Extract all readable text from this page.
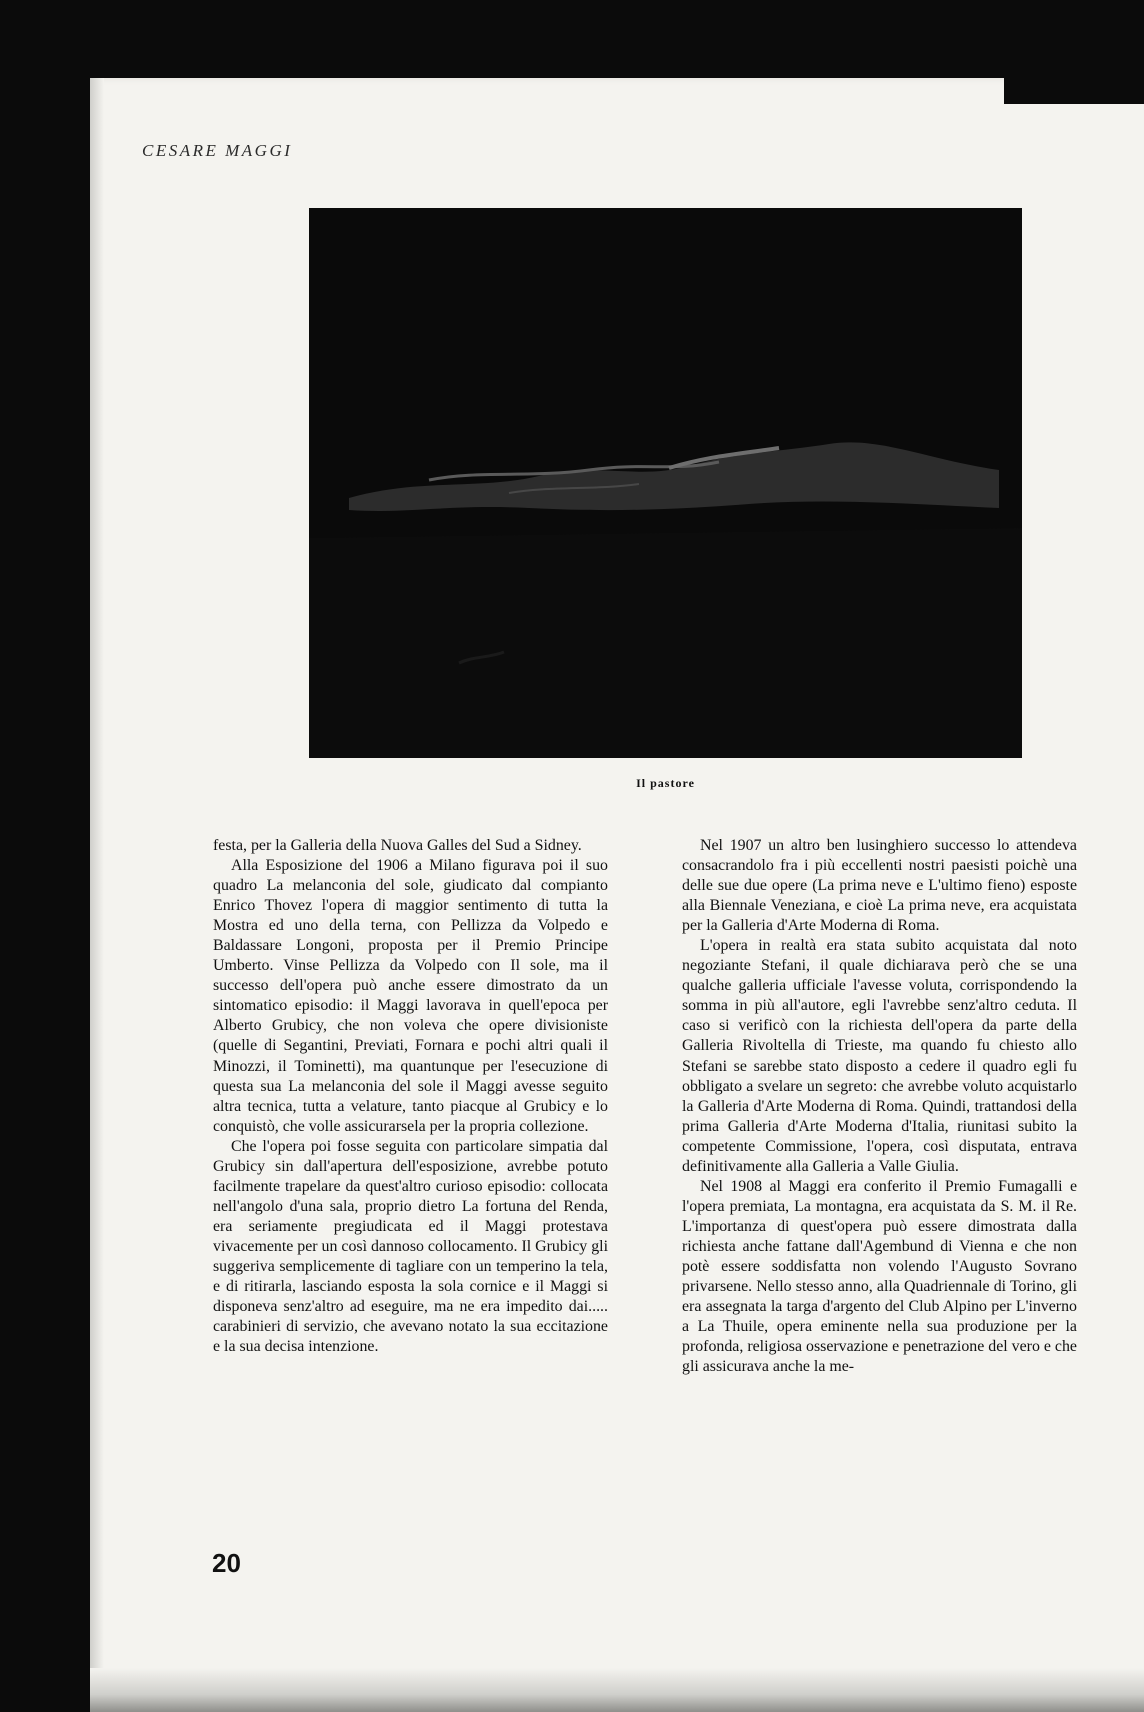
CESARE MAGGI

Il pastore

festa, per la Galleria della Nuova Galles del Sud a Sidney.

Alla Esposizione del 1906 a Milano figurava poi il suo quadro La melanconia del sole, giudicato dal compianto Enrico Thovez l'opera di maggior sentimento di tutta la Mostra ed uno della terna, con Pellizza da Volpedo e Baldassare Longoni, proposta per il Premio Principe Umberto. Vinse Pellizza da Volpedo con Il sole, ma il successo dell'opera può anche essere dimostrato da un sintomatico episodio: il Maggi lavorava in quell'epoca per Alberto Grubicy, che non voleva che opere divisioniste (quelle di Segantini, Previati, Fornara e pochi altri quali il Minozzi, il Tominetti), ma quantunque per l'esecuzione di questa sua La melanconia del sole il Maggi avesse seguito altra tecnica, tutta a velature, tanto piacque al Grubicy e lo conquistò, che volle assicurarsela per la propria collezione.

Che l'opera poi fosse seguita con particolare simpatia dal Grubicy sin dall'apertura dell'esposizione, avrebbe potuto facilmente trapelare da quest'altro curioso episodio: collocata nell'angolo d'una sala, proprio dietro La fortuna del Renda, era seriamente pregiudicata ed il Maggi protestava vivacemente per un così dannoso collocamento. Il Grubicy gli suggeriva semplicemente di tagliare con un temperino la tela, e di ritirarla, lasciando esposta la sola cornice e il Maggi si disponeva senz'altro ad eseguire, ma ne era impedito dai..... carabinieri di servizio, che avevano notato la sua eccitazione e la sua decisa intenzione.

Nel 1907 un altro ben lusinghiero successo lo attendeva consacrandolo fra i più eccellenti nostri paesisti poichè una delle sue due opere (La prima neve e L'ultimo fieno) esposte alla Biennale Veneziana, e cioè La prima neve, era acquistata per la Galleria d'Arte Moderna di Roma.

L'opera in realtà era stata subito acquistata dal noto negoziante Stefani, il quale dichiarava però che se una qualche galleria ufficiale l'avesse voluta, corrispondendo la somma in più all'autore, egli l'avrebbe senz'altro ceduta. Il caso si verificò con la richiesta dell'opera da parte della Galleria Rivoltella di Trieste, ma quando fu chiesto allo Stefani se sarebbe stato disposto a cedere il quadro egli fu obbligato a svelare un segreto: che avrebbe voluto acquistarlo la Galleria d'Arte Moderna di Roma. Quindi, trattandosi della prima Galleria d'Arte Moderna d'Italia, riunitasi subito la competente Commissione, l'opera, così disputata, entrava definitivamente alla Galleria a Valle Giulia.

Nel 1908 al Maggi era conferito il Premio Fumagalli e l'opera premiata, La montagna, era acquistata da S. M. il Re. L'importanza di quest'opera può essere dimostrata dalla richiesta anche fattane dall'Agembund di Vienna e che non potè essere soddisfatta non volendo l'Augusto Sovrano privarsene. Nello stesso anno, alla Quadriennale di Torino, gli era assegnata la targa d'argento del Club Alpino per L'inverno a La Thuile, opera eminente nella sua produzione per la profonda, religiosa osservazione e penetrazione del vero e che gli assicurava anche la me-

20
